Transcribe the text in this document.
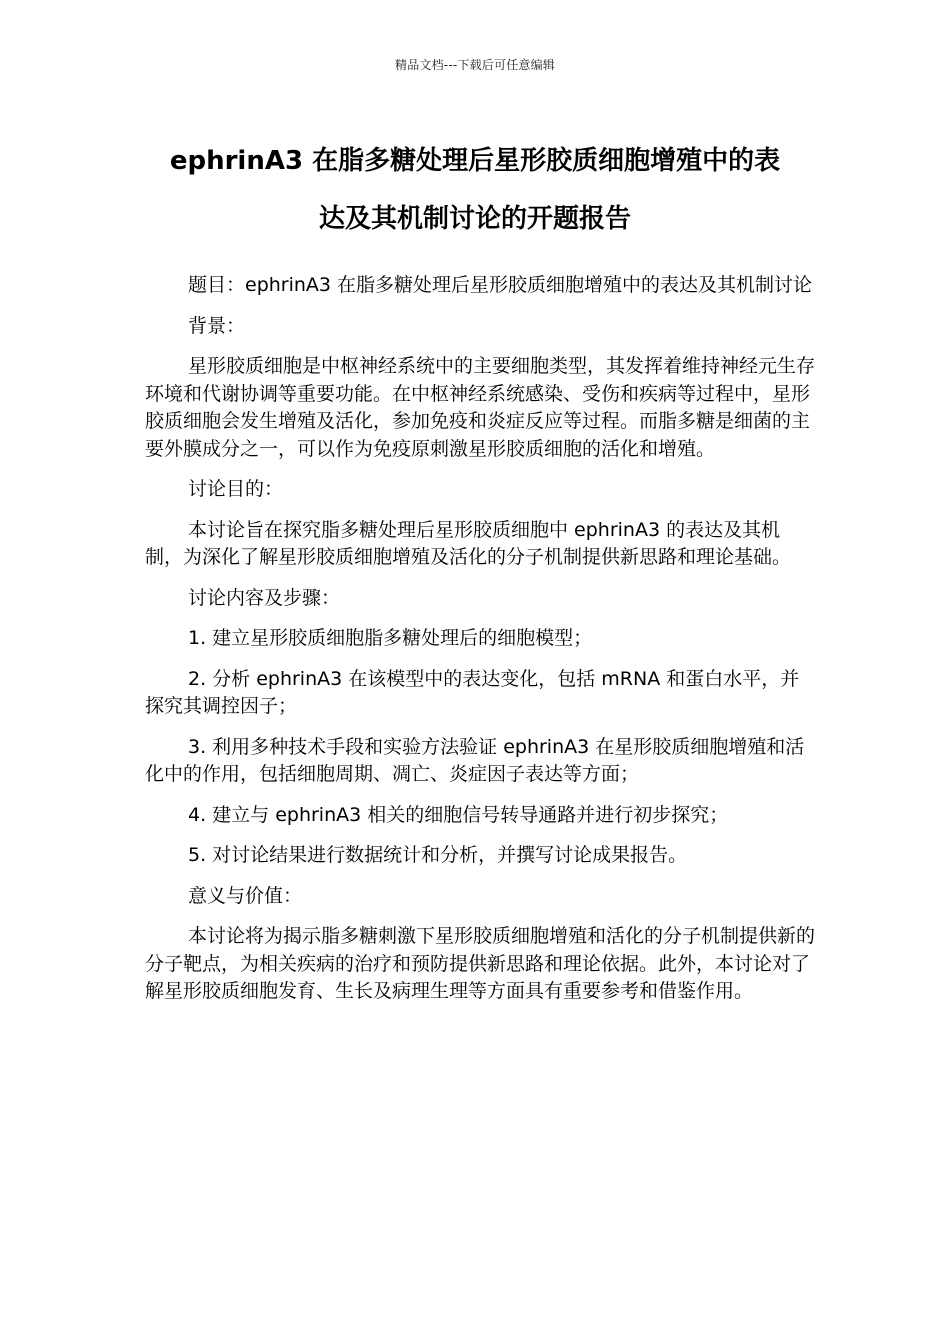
精品文档---下载后可任意编辑
ephrinA3 在脂多糖处理后星形胶质细胞增殖中的表
达及其机制讨论的开题报告

题目：ephrinA3 在脂多糖处理后星形胶质细胞增殖中的表达及其机制讨论

背景：

星形胶质细胞是中枢神经系统中的主要细胞类型，其发挥着维持神经元生存环境和代谢协调等重要功能。在中枢神经系统感染、受伤和疾病等过程中，星形胶质细胞会发生增殖及活化，参加免疫和炎症反应等过程。而脂多糖是细菌的主要外膜成分之一，可以作为免疫原刺激星形胶质细胞的活化和增殖。

讨论目的：

本讨论旨在探究脂多糖处理后星形胶质细胞中 ephrinA3 的表达及其机制，为深化了解星形胶质细胞增殖及活化的分子机制提供新思路和理论基础。

讨论内容及步骤：

1. 建立星形胶质细胞脂多糖处理后的细胞模型；

2. 分析 ephrinA3 在该模型中的表达变化，包括 mRNA 和蛋白水平，并探究其调控因子；

3. 利用多种技术手段和实验方法验证 ephrinA3 在星形胶质细胞增殖和活化中的作用，包括细胞周期、凋亡、炎症因子表达等方面；

4. 建立与 ephrinA3 相关的细胞信号转导通路并进行初步探究；

5. 对讨论结果进行数据统计和分析，并撰写讨论成果报告。

意义与价值：

本讨论将为揭示脂多糖刺激下星形胶质细胞增殖和活化的分子机制提供新的分子靶点，为相关疾病的治疗和预防提供新思路和理论依据。此外，本讨论对了解星形胶质细胞发育、生长及病理生理等方面具有重要参考和借鉴作用。
